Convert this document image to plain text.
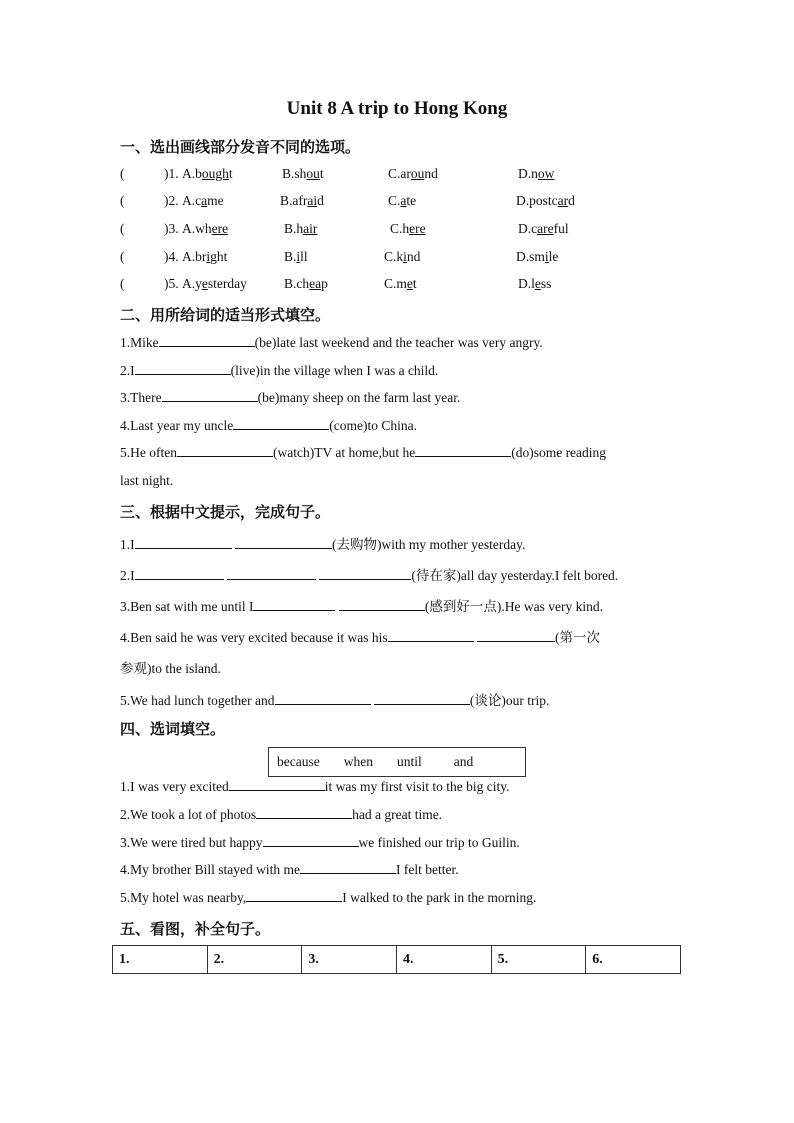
Unit 8 A trip to Hong Kong
一、选出画线部分发音不同的选项。
(	)1. A.bought	B.shout	C.around	D.now
(	)2. A.came	B.afraid	C.ate	D.postcard
(	)3. A.where	B.hair	C.here	D.careful
(	)4. A.bright	B.ill	C.kind	D.smile
(	)5. A.yesterday	B.cheap	C.met	D.less
二、用所给词的适当形式填空。
1.Mike	(be)late last weekend and the teacher was very angry.
2.I	(live)in the village when I was a child.
3.There	(be)many sheep on the farm last year.
4.Last year my uncle	(come)to China.
5.He often	(watch)TV at home,but he	(do)some reading
last night.
三、根据中文提示，完成句子。
1.I	(去购物)with my mother yesterday.
2.I	(待在家)all day yesterday.I felt bored.
3.Ben sat with me until I	(感到好一点).He was very kind.
4.Ben said he was very excited because it was his	(第一次
参观)to the island.
5.We had lunch together and	(谈论)our trip.
四、选词填空。
because when until and
1.I was very excited	it was my first visit to the big city.
2.We took a lot of photos	had a great time.
3.We were tired but happy	we finished our trip to Guilin.
4.My brother Bill stayed with me	I felt better.
5.My hotel was nearby,	I walked to the park in the morning.
五、看图，补全句子。
1.	2.	3.	4.	5.	6.
